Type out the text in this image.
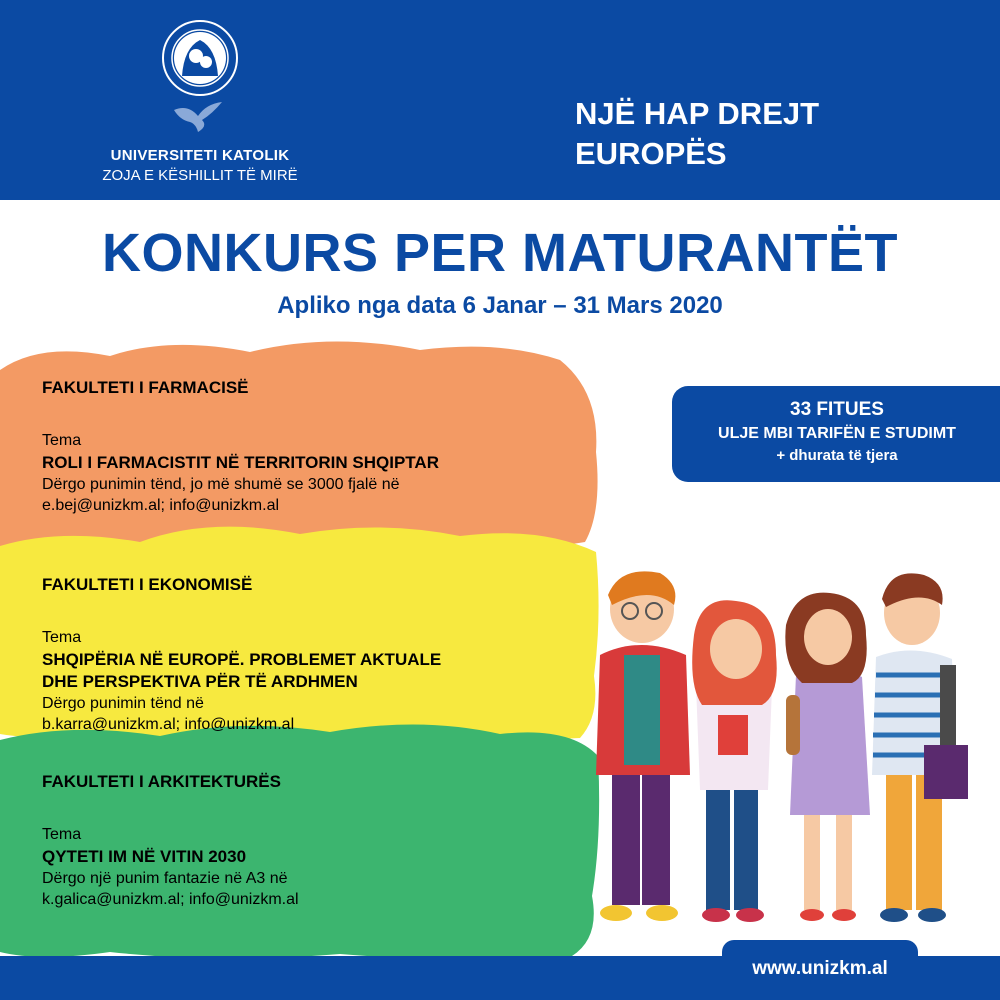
UNIVERSITETI KATOLIK
ZOJA E KËSHILLIT TË MIRË
NJË HAP DREJT
EUROPËS
KONKURS PER MATURANTËT
Apliko nga data 6 Janar – 31 Mars 2020
FAKULTETI I FARMACISË
Tema
ROLI I FARMACISTIT NË TERRITORIN SHQIPTAR
Dërgo punimin tënd, jo më shumë se 3000 fjalë në
e.bej@unizkm.al; info@unizkm.al
FAKULTETI I EKONOMISË
Tema
SHQIPËRIA NË EUROPË. PROBLEMET AKTUALE
DHE PERSPEKTIVA PËR TË ARDHMEN
Dërgo punimin tënd në
b.karra@unizkm.al; info@unizkm.al
FAKULTETI I ARKITEKTURËS
Tema
QYTETI IM NË VITIN 2030
Dërgo një punim fantazie në A3 në
k.galica@unizkm.al; info@unizkm.al
33 FITUES
ULJE MBI TARIFËN E STUDIMT
+ dhurata të tjera
www.unizkm.al
